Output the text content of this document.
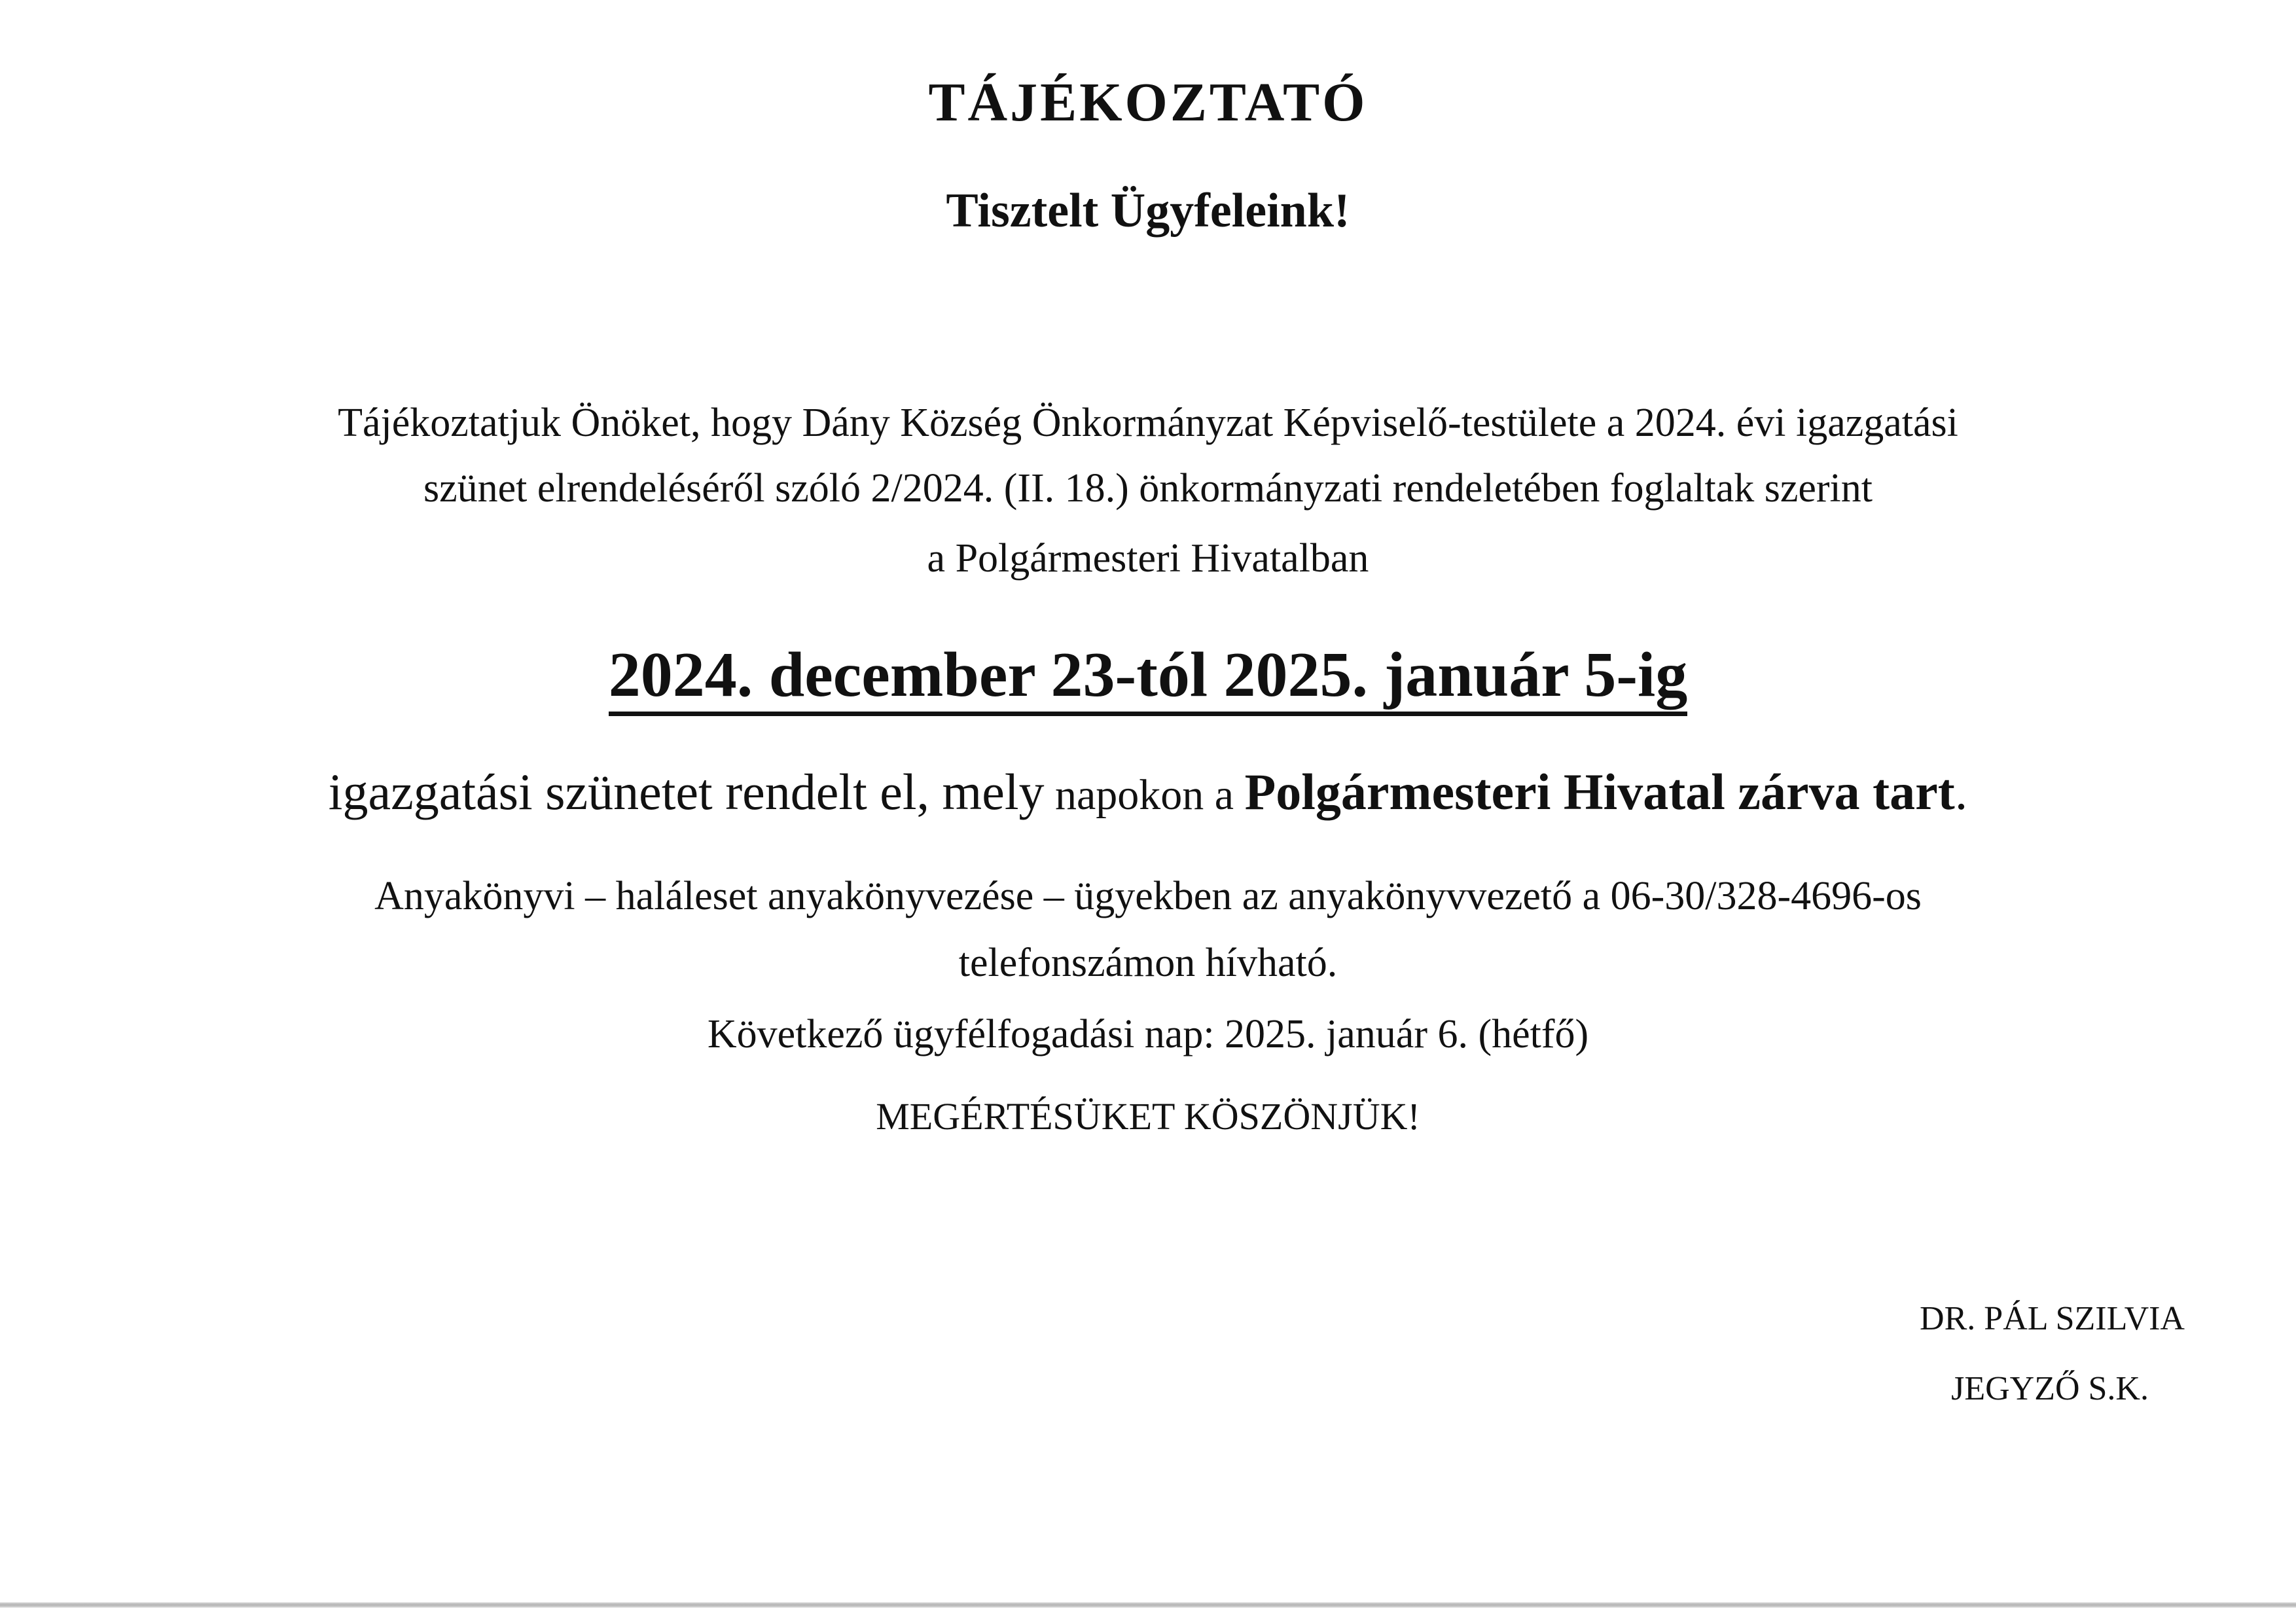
TÁJÉKOZTATÓ
Tisztelt Ügyfeleink!
Tájékoztatjuk Önöket, hogy Dány Község Önkormányzat Képviselő-testülete a 2024. évi igazgatási
szünet elrendeléséről szóló 2/2024. (II. 18.) önkormányzati rendeletében foglaltak szerint
a Polgármesteri Hivatalban
2024. december 23-tól 2025. január 5-ig
igazgatási szünetet rendelt el, mely napokon a Polgármesteri Hivatal zárva tart.
Anyakönyvi – haláleset anyakönyvezése – ügyekben az anyakönyvvezető a 06-30/328-4696-os
telefonszámon hívható.
Következő ügyfélfogadási nap: 2025. január 6. (hétfő)
MEGÉRTÉSÜKET KÖSZÖNJÜK!
DR. PÁL SZILVIA
JEGYZŐ S.K.
